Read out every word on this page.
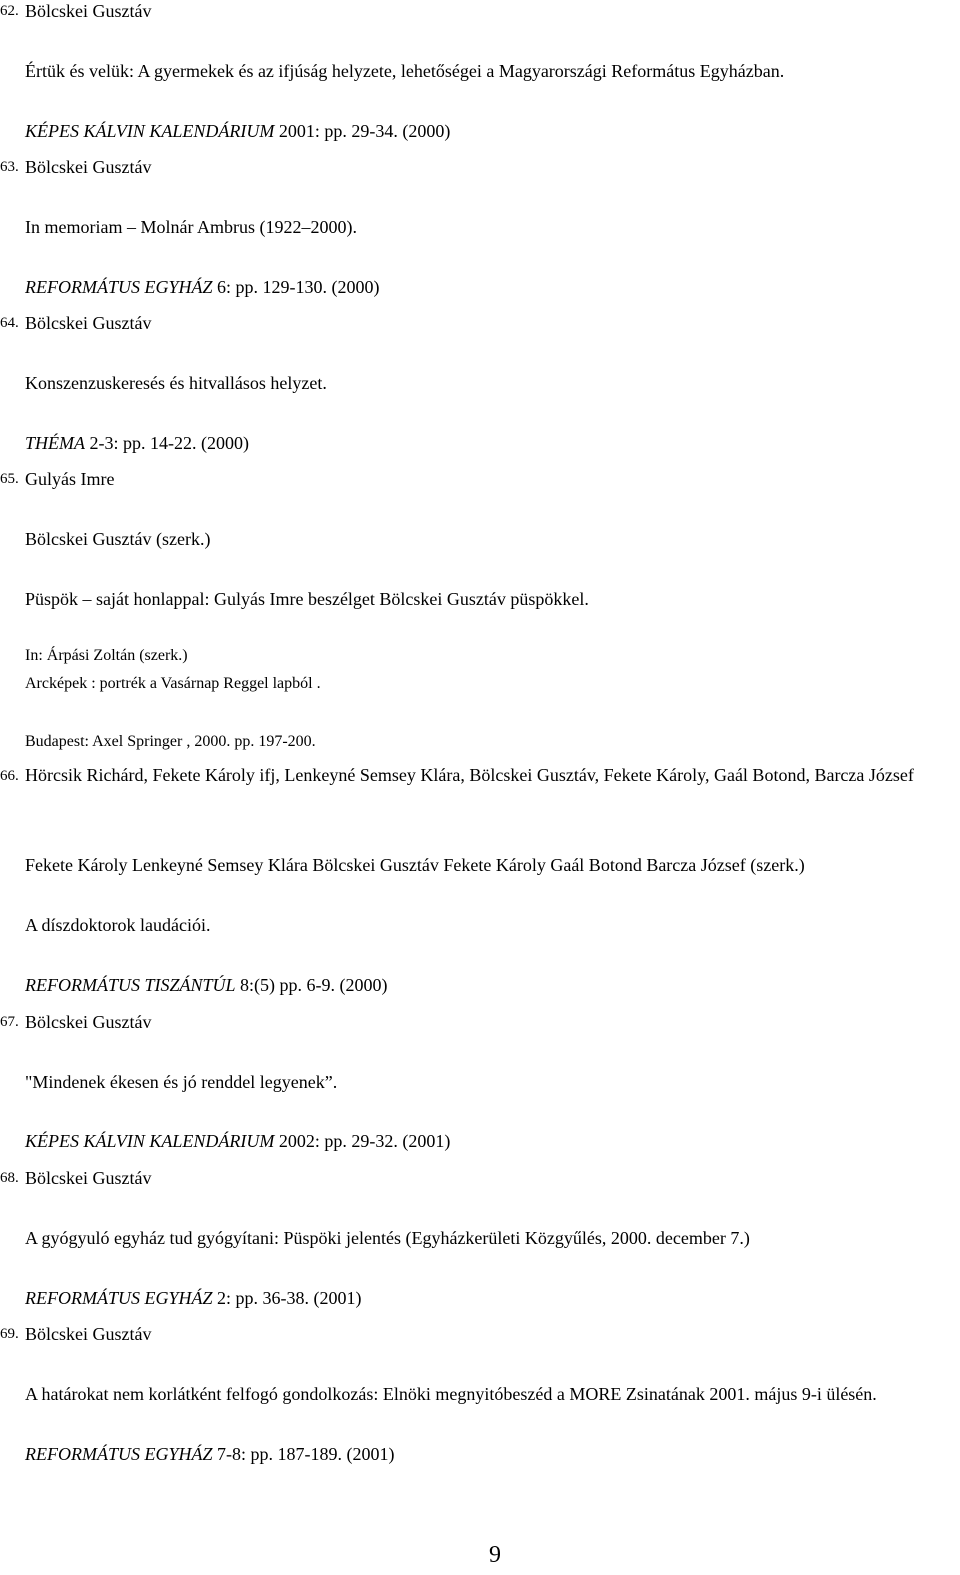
62. Bölcskei Gusztáv
Értük és velük: A gyermekek és az ifjúság helyzete, lehetőségei a Magyarországi Református Egyházban.
KÉPES KÁLVIN KALENDÁRIUM 2001: pp. 29-34. (2000)
63. Bölcskei Gusztáv
In memoriam – Molnár Ambrus (1922–2000).
REFORMÁTUS EGYHÁZ 6: pp. 129-130. (2000)
64. Bölcskei Gusztáv
Konszenzuskeresés és hitvallásos helyzet.
THÉMA 2-3: pp. 14-22. (2000)
65. Gulyás Imre
Bölcskei Gusztáv (szerk.)
Püspök – saját honlappal: Gulyás Imre beszélget Bölcskei Gusztáv püspökkel.
In: Árpási Zoltán (szerk.)
Arcképek : portrék a Vasárnap Reggel lapból .
Budapest: Axel Springer , 2000. pp. 197-200.
66. Hörcsik Richárd, Fekete Károly ifj, Lenkeyné Semsey Klára, Bölcskei Gusztáv, Fekete Károly, Gaál Botond, Barcza József
Fekete Károly Lenkeyné Semsey Klára Bölcskei Gusztáv Fekete Károly Gaál Botond Barcza József (szerk.)
A díszdoktorok laudációi.
REFORMÁTUS TISZÁNTÚL 8:(5) pp. 6-9. (2000)
67. Bölcskei Gusztáv
"Mindenek ékesen és jó renddel legyenek”.
KÉPES KÁLVIN KALENDÁRIUM 2002: pp. 29-32. (2001)
68. Bölcskei Gusztáv
A gyógyuló egyház tud gyógyítani: Püspöki jelentés (Egyházkerületi Közgyűlés, 2000. december 7.)
REFORMÁTUS EGYHÁZ 2: pp. 36-38. (2001)
69. Bölcskei Gusztáv
A határokat nem korlátként felfogó gondolkozás: Elnöki megnyitóbeszéd a MORE Zsinatának 2001. május 9-i ülésén.
REFORMÁTUS EGYHÁZ 7-8: pp. 187-189. (2001)
9
